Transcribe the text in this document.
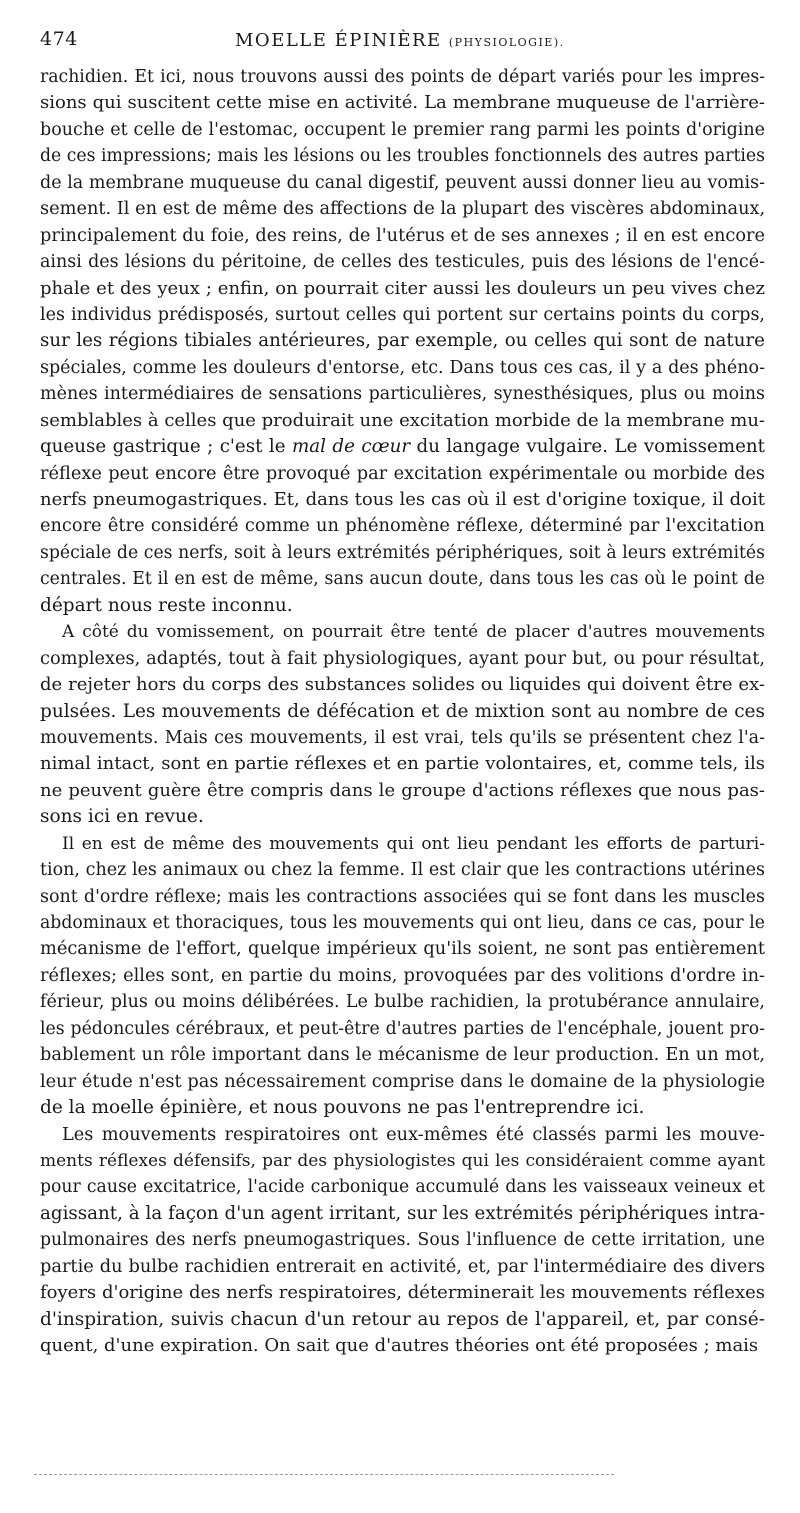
474	MOELLE ÉPINIÈRE (PHYSIOLOGIE).
rachidien. Et ici, nous trouvons aussi des points de départ variés pour les impres-
sions qui suscitent cette mise en activité. La membrane muqueuse de l'arrière-
bouche et celle de l'estomac, occupent le premier rang parmi les points d'origine
de ces impressions; mais les lésions ou les troubles fonctionnels des autres parties
de la membrane muqueuse du canal digestif, peuvent aussi donner lieu au vomis-
sement. Il en est de même des affections de la plupart des viscères abdominaux,
principalement du foie, des reins, de l'utérus et de ses annexes ; il en est encore
ainsi des lésions du péritoine, de celles des testicules, puis des lésions de l'encé-
phale et des yeux ; enfin, on pourrait citer aussi les douleurs un peu vives chez
les individus prédisposés, surtout celles qui portent sur certains points du corps,
sur les régions tibiales antérieures, par exemple, ou celles qui sont de nature
spéciales, comme les douleurs d'entorse, etc. Dans tous ces cas, il y a des phéno-
mènes intermédiaires de sensations particulières, synesthésiques, plus ou moins
semblables à celles que produirait une excitation morbide de la membrane mu-
queuse gastrique ; c'est le mal de cœur du langage vulgaire. Le vomissement
réflexe peut encore être provoqué par excitation expérimentale ou morbide des
nerfs pneumogastriques. Et, dans tous les cas où il est d'origine toxique, il doit
encore être considéré comme un phénomène réflexe, déterminé par l'excitation
spéciale de ces nerfs, soit à leurs extrémités périphériques, soit à leurs extrémités
centrales. Et il en est de même, sans aucun doute, dans tous les cas où le point de
départ nous reste inconnu.
A côté du vomissement, on pourrait être tenté de placer d'autres mouvements
complexes, adaptés, tout à fait physiologiques, ayant pour but, ou pour résultat,
de rejeter hors du corps des substances solides ou liquides qui doivent être ex-
pulsées. Les mouvements de défécation et de mixtion sont au nombre de ces
mouvements. Mais ces mouvements, il est vrai, tels qu'ils se présentent chez l'a-
nimal intact, sont en partie réflexes et en partie volontaires, et, comme tels, ils
ne peuvent guère être compris dans le groupe d'actions réflexes que nous pas-
sons ici en revue.
Il en est de même des mouvements qui ont lieu pendant les efforts de parturi-
tion, chez les animaux ou chez la femme. Il est clair que les contractions utérines
sont d'ordre réflexe; mais les contractions associées qui se font dans les muscles
abdominaux et thoraciques, tous les mouvements qui ont lieu, dans ce cas, pour le
mécanisme de l'effort, quelque impérieux qu'ils soient, ne sont pas entièrement
réflexes; elles sont, en partie du moins, provoquées par des volitions d'ordre in-
férieur, plus ou moins délibérées. Le bulbe rachidien, la protubérance annulaire,
les pédoncules cérébraux, et peut-être d'autres parties de l'encéphale, jouent pro-
bablement un rôle important dans le mécanisme de leur production. En un mot,
leur étude n'est pas nécessairement comprise dans le domaine de la physiologie
de la moelle épinière, et nous pouvons ne pas l'entreprendre ici.
Les mouvements respiratoires ont eux-mêmes été classés parmi les mouve-
ments réflexes défensifs, par des physiologistes qui les considéraient comme ayant
pour cause excitatrice, l'acide carbonique accumulé dans les vaisseaux veineux et
agissant, à la façon d'un agent irritant, sur les extrémités périphériques intra-
pulmonaires des nerfs pneumogastriques. Sous l'influence de cette irritation, une
partie du bulbe rachidien entrerait en activité, et, par l'intermédiaire des divers
foyers d'origine des nerfs respiratoires, déterminerait les mouvements réflexes
d'inspiration, suivis chacun d'un retour au repos de l'appareil, et, par consé-
quent, d'une expiration. On sait que d'autres théories ont été proposées ; mais
